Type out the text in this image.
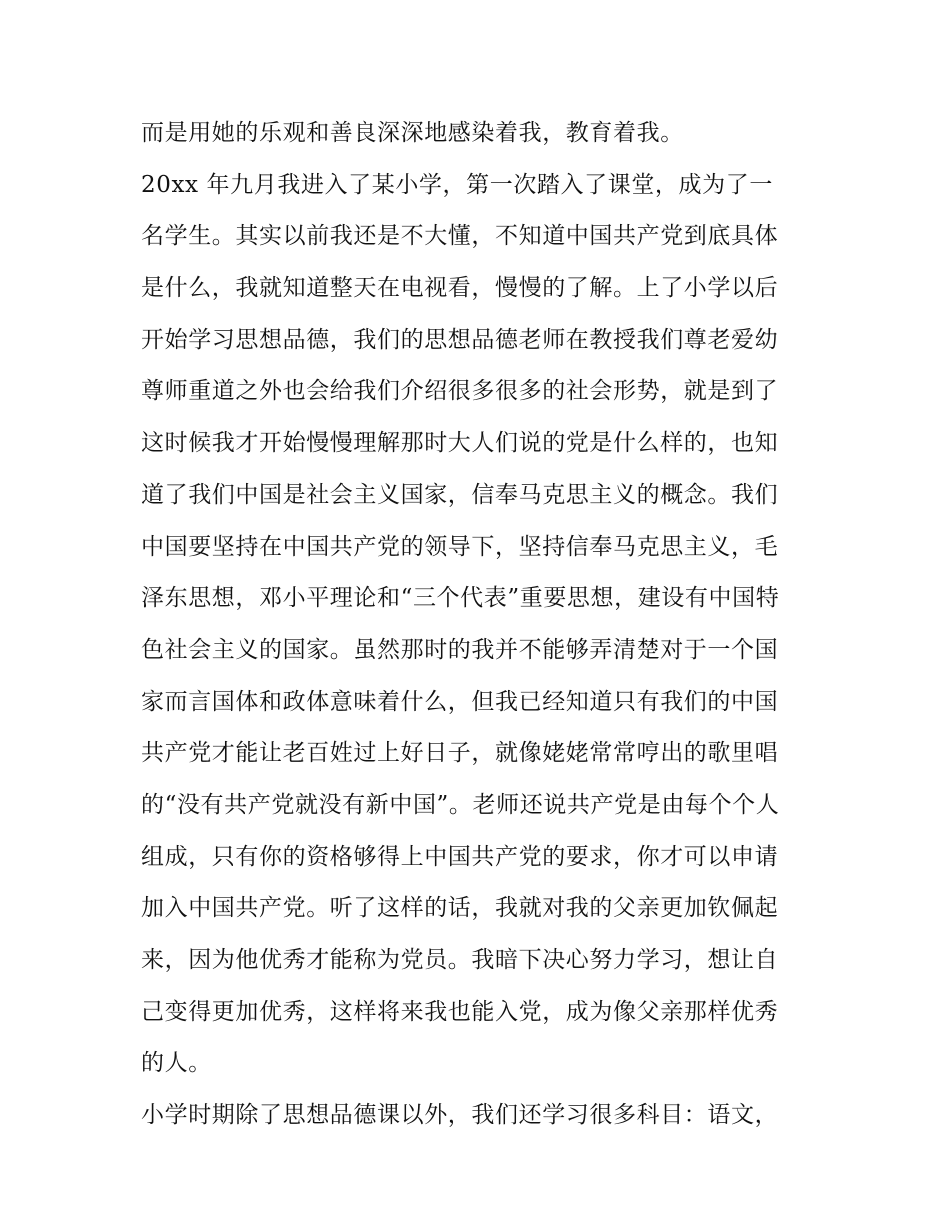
而是用她的乐观和善良深深地感染着我，教育着我。
20xx 年九月我进入了某小学，第一次踏入了课堂，成为了一
名学生。其实以前我还是不大懂，不知道中国共产党到底具体
是什么，我就知道整天在电视看，慢慢的了解。上了小学以后
开始学习思想品德，我们的思想品德老师在教授我们尊老爱幼
尊师重道之外也会给我们介绍很多很多的社会形势，就是到了
这时候我才开始慢慢理解那时大人们说的党是什么样的，也知
道了我们中国是社会主义国家，信奉马克思主义的概念。我们
中国要坚持在中国共产党的领导下，坚持信奉马克思主义，毛
泽东思想，邓小平理论和“三个代表”重要思想，建设有中国特
色社会主义的国家。虽然那时的我并不能够弄清楚对于一个国
家而言国体和政体意味着什么，但我已经知道只有我们的中国
共产党才能让老百姓过上好日子，就像姥姥常常哼出的歌里唱
的“没有共产党就没有新中国”。老师还说共产党是由每个个人
组成，只有你的资格够得上中国共产党的要求，你才可以申请
加入中国共产党。听了这样的话，我就对我的父亲更加钦佩起
来，因为他优秀才能称为党员。我暗下决心努力学习，想让自
己变得更加优秀，这样将来我也能入党，成为像父亲那样优秀
的人。
小学时期除了思想品德课以外，我们还学习很多科目：语文，
